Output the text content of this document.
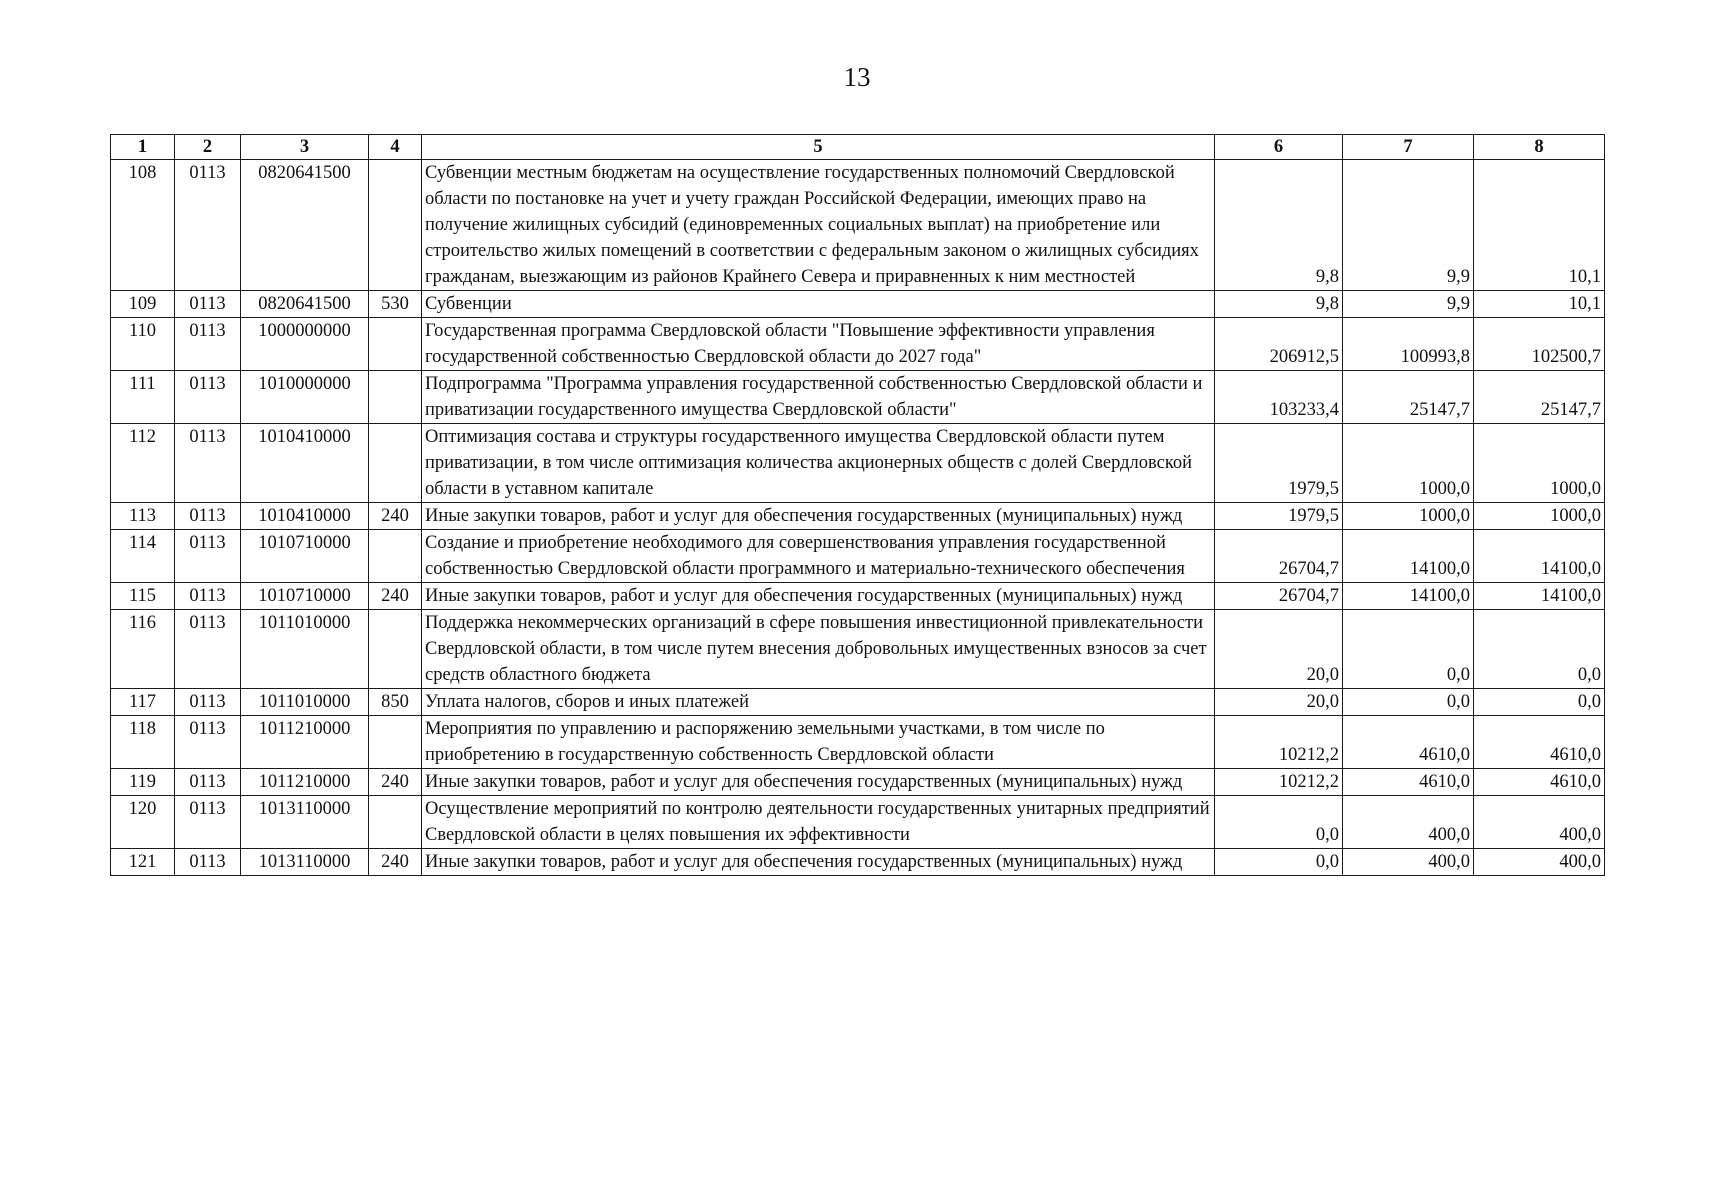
13
1	2	3	4	5	6	7	8
108	0113	0820641500		Субвенции местным бюджетам на осуществление государственных полномочий Свердловской области по постановке на учет и учету граждан Российской Федерации, имеющих право на получение жилищных субсидий (единовременных социальных выплат) на приобретение или строительство жилых помещений в соответствии с федеральным законом о жилищных субсидиях гражданам, выезжающим из районов Крайнего Севера и приравненных к ним местностей	9,8	9,9	10,1
109	0113	0820641500	530	Субвенции	9,8	9,9	10,1
110	0113	1000000000		Государственная программа Свердловской области "Повышение эффективности управления государственной собственностью Свердловской области до 2027 года"	206912,5	100993,8	102500,7
111	0113	1010000000		Подпрограмма "Программа управления государственной собственностью Свердловской области и приватизации государственного имущества Свердловской области"	103233,4	25147,7	25147,7
112	0113	1010410000		Оптимизация состава и структуры государственного имущества Свердловской области путем приватизации, в том числе оптимизация количества акционерных обществ с долей Свердловской области в уставном капитале	1979,5	1000,0	1000,0
113	0113	1010410000	240	Иные закупки товаров, работ и услуг для обеспечения государственных (муниципальных) нужд	1979,5	1000,0	1000,0
114	0113	1010710000		Создание и приобретение необходимого для совершенствования управления государственной собственностью Свердловской области программного и материально-технического обеспечения	26704,7	14100,0	14100,0
115	0113	1010710000	240	Иные закупки товаров, работ и услуг для обеспечения государственных (муниципальных) нужд	26704,7	14100,0	14100,0
116	0113	1011010000		Поддержка некоммерческих организаций в сфере повышения инвестиционной привлекательности Свердловской области, в том числе путем внесения добровольных имущественных взносов за счет средств областного бюджета	20,0	0,0	0,0
117	0113	1011010000	850	Уплата налогов, сборов и иных платежей	20,0	0,0	0,0
118	0113	1011210000		Мероприятия по управлению и распоряжению земельными участками, в том числе по приобретению в государственную собственность Свердловской области	10212,2	4610,0	4610,0
119	0113	1011210000	240	Иные закупки товаров, работ и услуг для обеспечения государственных (муниципальных) нужд	10212,2	4610,0	4610,0
120	0113	1013110000		Осуществление мероприятий по контролю деятельности государственных унитарных предприятий Свердловской области в целях повышения их эффективности	0,0	400,0	400,0
121	0113	1013110000	240	Иные закупки товаров, работ и услуг для обеспечения государственных (муниципальных) нужд	0,0	400,0	400,0
